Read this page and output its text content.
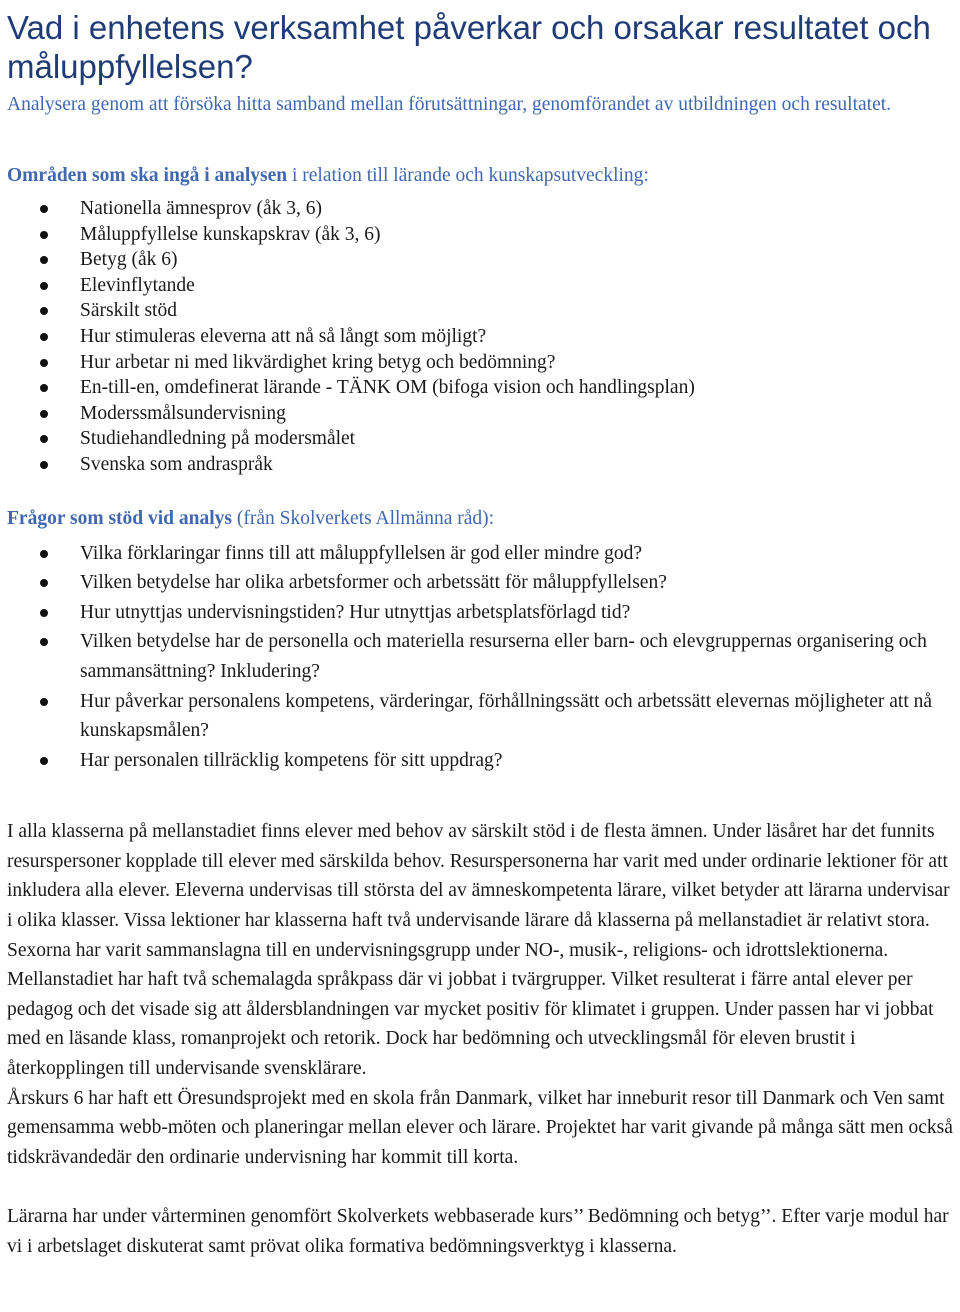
Vad i enhetens verksamhet påverkar och orsakar resultatet och måluppfyllelsen?

Analysera genom att försöka hitta samband mellan förutsättningar, genomförandet av utbildningen och resultatet.

Områden som ska ingå i analysen i relation till lärande och kunskapsutveckling:

Nationella ämnesprov (åk 3, 6)
Måluppfyllelse kunskapskrav (åk 3, 6)
Betyg (åk 6)
Elevinflytande
Särskilt stöd
Hur stimuleras eleverna att nå så långt som möjligt?
Hur arbetar ni med likvärdighet kring betyg och bedömning?
En-till-en, omdefinerat lärande - TÄNK OM (bifoga vision och handlingsplan)
Moderssmålsundervisning
Studiehandledning på modersmålet
Svenska som andraspråk

Frågor som stöd vid analys (från Skolverkets Allmänna råd):

Vilka förklaringar finns till att måluppfyllelsen är god eller mindre god?
Vilken betydelse har olika arbetsformer och arbetssätt för måluppfyllelsen?
Hur utnyttjas undervisningstiden? Hur utnyttjas arbetsplatsförlagd tid?
Vilken betydelse har de personella och materiella resurserna eller barn- och elevgruppernas organisering och sammansättning? Inkludering?
Hur påverkar personalens kompetens, värderingar, förhållningssätt och arbetssätt elevernas möjligheter att nå kunskapsmålen?
Har personalen tillräcklig kompetens för sitt uppdrag?

I alla klasserna på mellanstadiet finns elever med behov av särskilt stöd i de flesta ämnen. Under läsåret har det funnits resurspersoner kopplade till elever med särskilda behov. Resurspersonerna har varit med under ordinarie lektioner för att inkludera alla elever. Eleverna undervisas till största del av ämneskompetenta lärare, vilket betyder att lärarna undervisar i olika klasser. Vissa lektioner har klasserna haft två undervisande lärare då klasserna på mellanstadiet är relativt stora. Sexorna har varit sammanslagna till en undervisningsgrupp under NO-, musik-, religions- och idrottslektionerna. Mellanstadiet har haft två schemalagda språkpass där vi jobbat i tvärgrupper. Vilket resulterat i färre antal elever per pedagog och det visade sig att åldersblandningen var mycket positiv för klimatet i gruppen. Under passen har vi jobbat med en läsande klass, romanprojekt och retorik. Dock har bedömning och utvecklingsmål för eleven brustit i återkopplingen till undervisande svensklärare.

Årskurs 6 har haft ett Öresundsprojekt med en skola från Danmark, vilket har inneburit resor till Danmark och Ven samt gemensamma webb-möten och planeringar mellan elever och lärare. Projektet har varit givande på många sätt men också tidskrävandedär den ordinarie undervisning har kommit till korta.

Lärarna har under vårterminen genomfört Skolverkets webbaserade kurs’’ Bedömning och betyg’’. Efter varje modul har vi i arbetslaget diskuterat samt prövat olika formativa bedömningsverktyg i klasserna.
